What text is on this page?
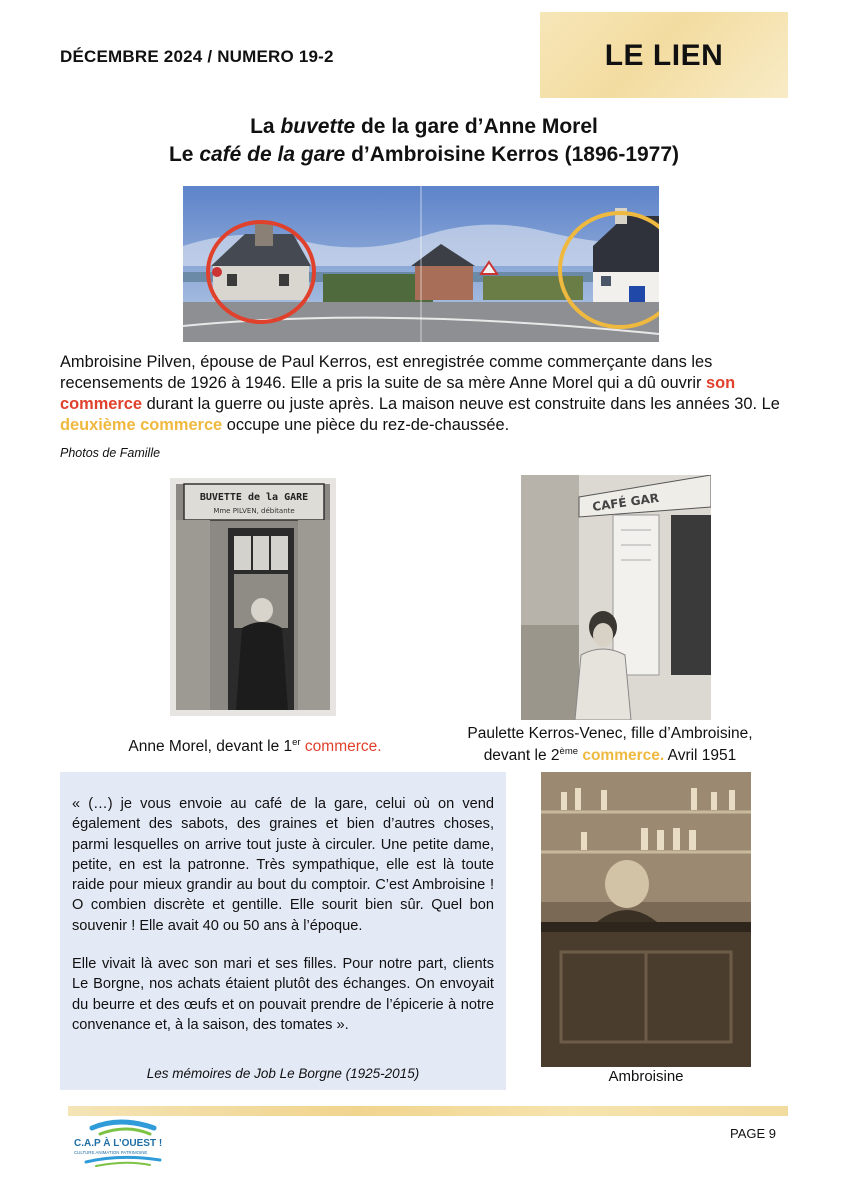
DÉCEMBRE 2024 / NUMERO 19-2	LE LIEN
La buvette de la gare d’Anne Morel
Le café de la gare d’Ambroisine Kerros (1896-1977)
Ambroisine Pilven, épouse de Paul Kerros, est enregistrée comme commerçante dans les recensements de 1926 à 1946. Elle a pris la suite de sa mère Anne Morel qui a dû ouvrir son commerce durant la guerre ou juste après. La maison neuve est construite dans les années 30. Le deuxième commerce occupe une pièce du rez-de-chaussée.
Photos de Famille
BUVETTE de la GARE
Mme PILVEN, débitante	CAFÉ GAR
Anne Morel, devant le 1er commerce.
Paulette Kerros-Venec, fille d’Ambroisine,
devant le 2ème commerce. Avril 1951

« (…) je vous envoie au café de la gare, celui où on vend également des sabots, des graines et bien d’autres choses, parmi lesquelles on arrive tout juste à circuler. Une petite dame, petite, en est la patronne. Très sympathique, elle est là toute raide pour mieux grandir au bout du comptoir. C’est Ambroisine ! O combien discrète et gentille. Elle sourit bien sûr. Quel bon souvenir ! Elle avait 40 ou 50 ans à l’époque.

Elle vivait là avec son mari et ses filles. Pour notre part, clients Le Borgne, nos achats étaient plutôt des échanges. On envoyait du beurre et des œufs et on pouvait prendre de l’épicerie à notre convenance et, à la saison, des tomates ».

Les mémoires de Job Le Borgne (1925-2015)	Ambroisine
C.A.P À L’OUEST !
CULTURE ANIMATION PATRIMOINE
PAGE 9
